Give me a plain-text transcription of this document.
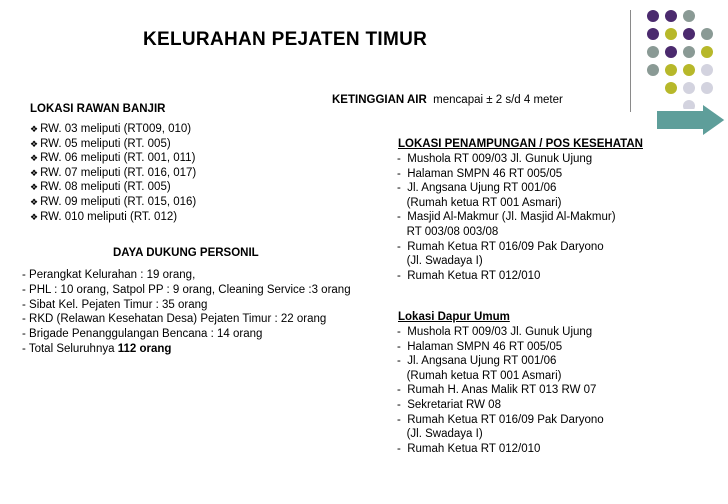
KELURAHAN PEJATEN TIMUR
KETINGGIAN AIR mencapai ± 2 s/d 4 meter
LOKASI RAWAN BANJIR
❖ RW. 03 meliputi (RT009, 010)
❖ RW. 05 meliputi (RT. 005)
❖ RW. 06 meliputi (RT. 001, 011)
❖ RW. 07 meliputi (RT. 016, 017)
❖ RW. 08 meliputi (RT. 005)
❖ RW. 09 meliputi (RT. 015, 016)
❖ RW. 010 meliputi (RT. 012)
DAYA DUKUNG PERSONIL
- Perangkat Kelurahan : 19 orang,
- PHL : 10 orang, Satpol PP : 9 orang, Cleaning Service :3 orang
- Sibat Kel. Pejaten Timur : 35 orang
- RKD (Relawan Kesehatan Desa) Pejaten Timur : 22 orang
- Brigade Penanggulangan Bencana : 14 orang
- Total Seluruhnya 112 orang
LOKASI PENAMPUNGAN / POS KESEHATAN
- Mushola RT 009/03 Jl. Gunuk Ujung
- Halaman SMPN 46 RT 005/05
- Jl. Angsana Ujung RT 001/06
(Rumah ketua RT 001 Asmari)
- Masjid Al-Makmur (Jl. Masjid Al-Makmur)
RT 003/08 003/08
- Rumah Ketua RT 016/09 Pak Daryono
(Jl. Swadaya I)
- Rumah Ketua RT 012/010
Lokasi Dapur Umum
- Mushola RT 009/03 Jl. Gunuk Ujung
- Halaman SMPN 46 RT 005/05
- Jl. Angsana Ujung RT 001/06
(Rumah ketua RT 001 Asmari)
- Rumah H. Anas Malik RT 013 RW 07
- Sekretariat RW 08
- Rumah Ketua RT 016/09 Pak Daryono
(Jl. Swadaya I)
- Rumah Ketua RT 012/010
